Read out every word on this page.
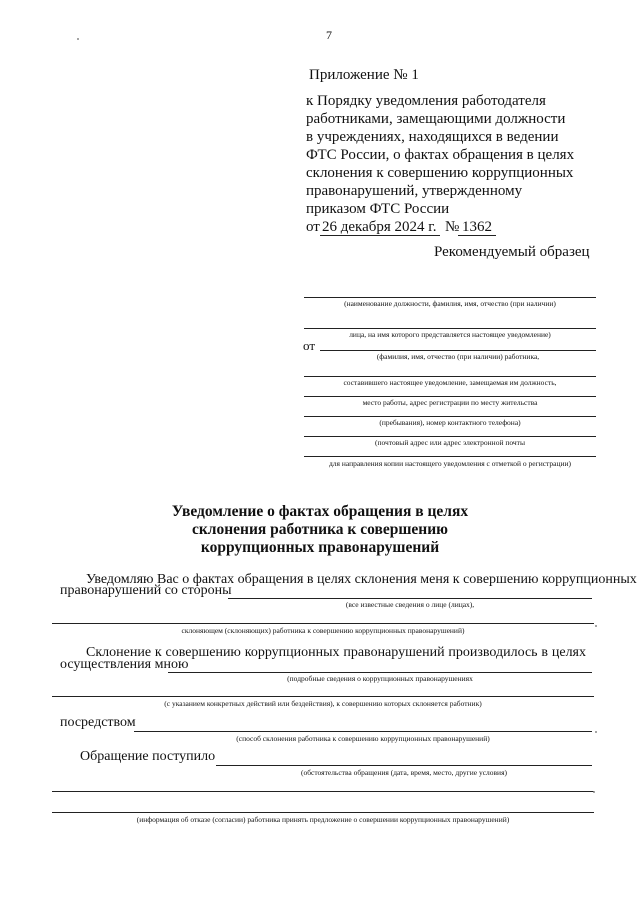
7
Приложение № 1
к Порядку уведомления работодателя
работниками, замещающими должности
в учреждениях, находящихся в ведении
ФТС России, о фактах обращения в целях
склонения к совершению коррупционных
правонарушений, утвержденному
приказом ФТС России
от 26 декабря 2024 г. № 1362
Рекомендуемый образец
(наименование должности, фамилия, имя, отчество (при наличии)
лица, на имя которого представляется настоящее уведомление)
от
(фамилия, имя, отчество (при наличии) работника,
составившего настоящее уведомление, замещаемая им должность,
место работы, адрес регистрации по месту жительства
(пребывания), номер контактного телефона)
(почтовый адрес или адрес электронной почты
для направления копии настоящего уведомления с отметкой о регистрации)
Уведомление о фактах обращения в целях
склонения работника к совершению
коррупционных правонарушений
Уведомляю Вас о фактах обращения в целях склонения меня к совершению коррупционных
правонарушений со стороны
(все известные сведения о лице (лицах),
склоняющем (склоняющих) работника к совершению коррупционных правонарушений)
Склонение к совершению коррупционных правонарушений производилось в целях
осуществления мною
(подробные сведения о коррупционных правонарушениях
(с указанием конкретных действий или бездействия), к совершению которых склоняется работник)
посредством
(способ склонения работника к совершению коррупционных правонарушений)
Обращение поступило
(обстоятельства обращения (дата, время, место, другие условия)
(информация об отказе (согласии) работника принять предложение о совершении коррупционных правонарушений)
